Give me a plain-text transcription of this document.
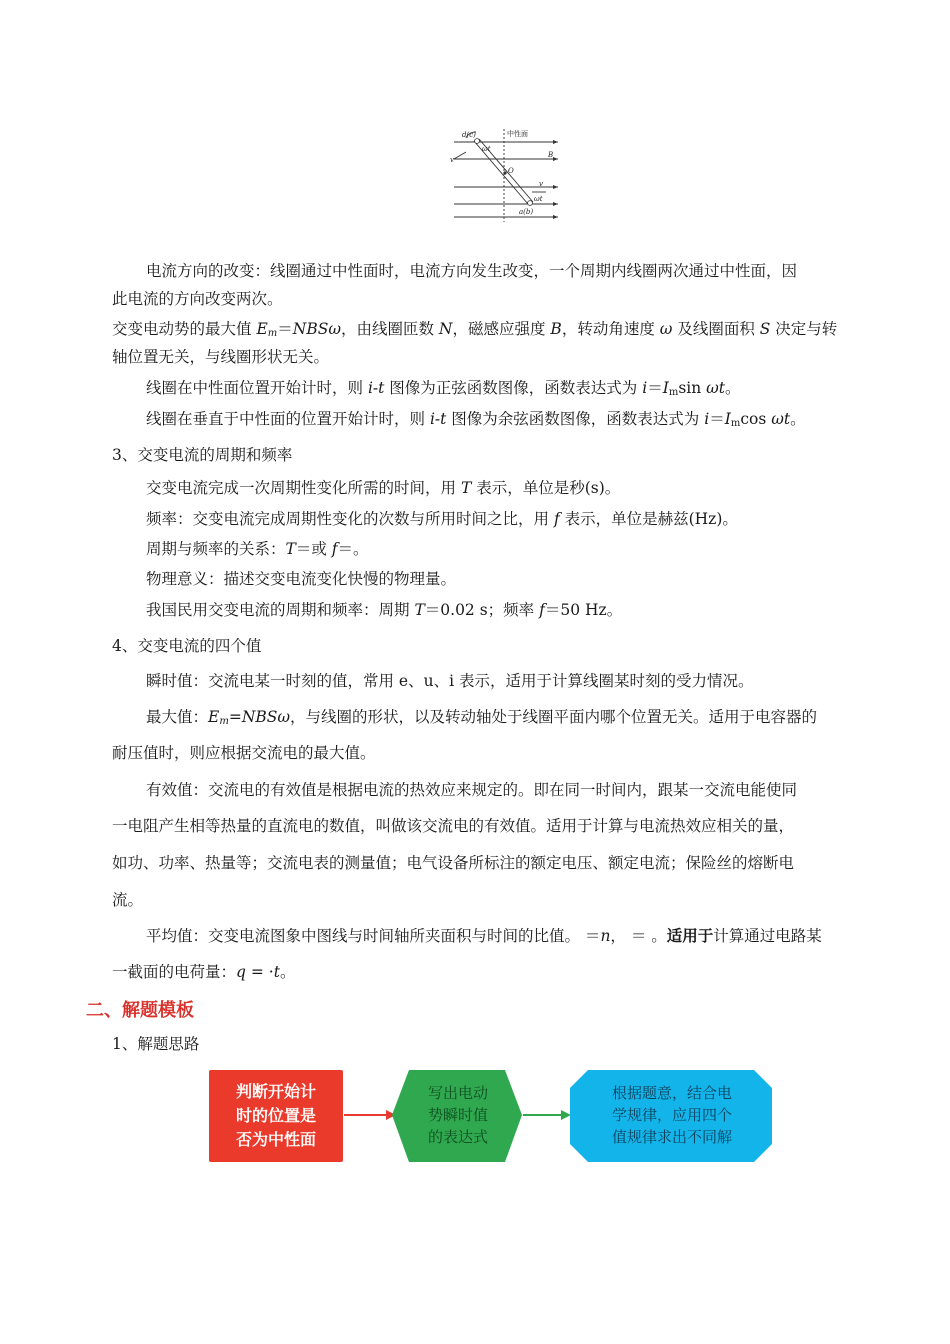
d(c)	中性面
v
ωt
B
O
v
ωt
a(b)
电流方向的改变：线圈通过中性面时，电流方向发生改变，一个周期内线圈两次通过中性面，因
此电流的方向改变两次。
交变电动势的最大值 $E_m=NBS\omega$，由线圈匝数 N，磁感应强度 B，转动角速度 ω 及线圈面积 S 决定与转
轴位置无关，与线圈形状无关。
线圈在中性面位置开始计时，则 i-t 图像为正弦函数图像，函数表达式为 $i=I_m\sin$ ωt。
线圈在垂直于中性面的位置开始计时，则 i-t 图像为余弦函数图像，函数表达式为 $i=I_m\cos$ ωt。
3、交变电流的周期和频率
交变电流完成一次周期性变化所需的时间，用 T 表示，单位是秒(s)。
频率：交变电流完成周期性变化的次数与所用时间之比，用 f 表示，单位是赫兹(Hz)。
周期与频率的关系：T＝或 f＝。
物理意义：描述交变电流变化快慢的物理量。
我国民用交变电流的周期和频率：周期 T＝0.02 s；频率 f＝50 Hz。
4、交变电流的四个值
瞬时值：交流电某一时刻的值，常用 e、u、i 表示，适用于计算线圈某时刻的受力情况。
最大值：$E_m=NBS\omega$，与线圈的形状，以及转动轴处于线圈平面内哪个位置无关。适用于电容器的
耐压值时，则应根据交流电的最大值。
有效值：交流电的有效值是根据电流的热效应来规定的。即在同一时间内，跟某一交流电能使同
一电阻产生相等热量的直流电的数值，叫做该交流电的有效值。适用于计算与电流热效应相关的量，
如功、功率、热量等；交流电表的测量值；电气设备所标注的额定电压、额定电流；保险丝的熔断电
流。
平均值：交变电流图象中图线与时间轴所夹面积与时间的比值。 ＝n， ＝ 。适用于计算通过电路某
一截面的电荷量：q = ·t。
二、解题模板
1、解题思路
判断开始计
时的位置是
否为中性面
写出电动
势瞬时值
的表达式
根据题意，结合电
学规律，应用四个
值规律求出不同解
